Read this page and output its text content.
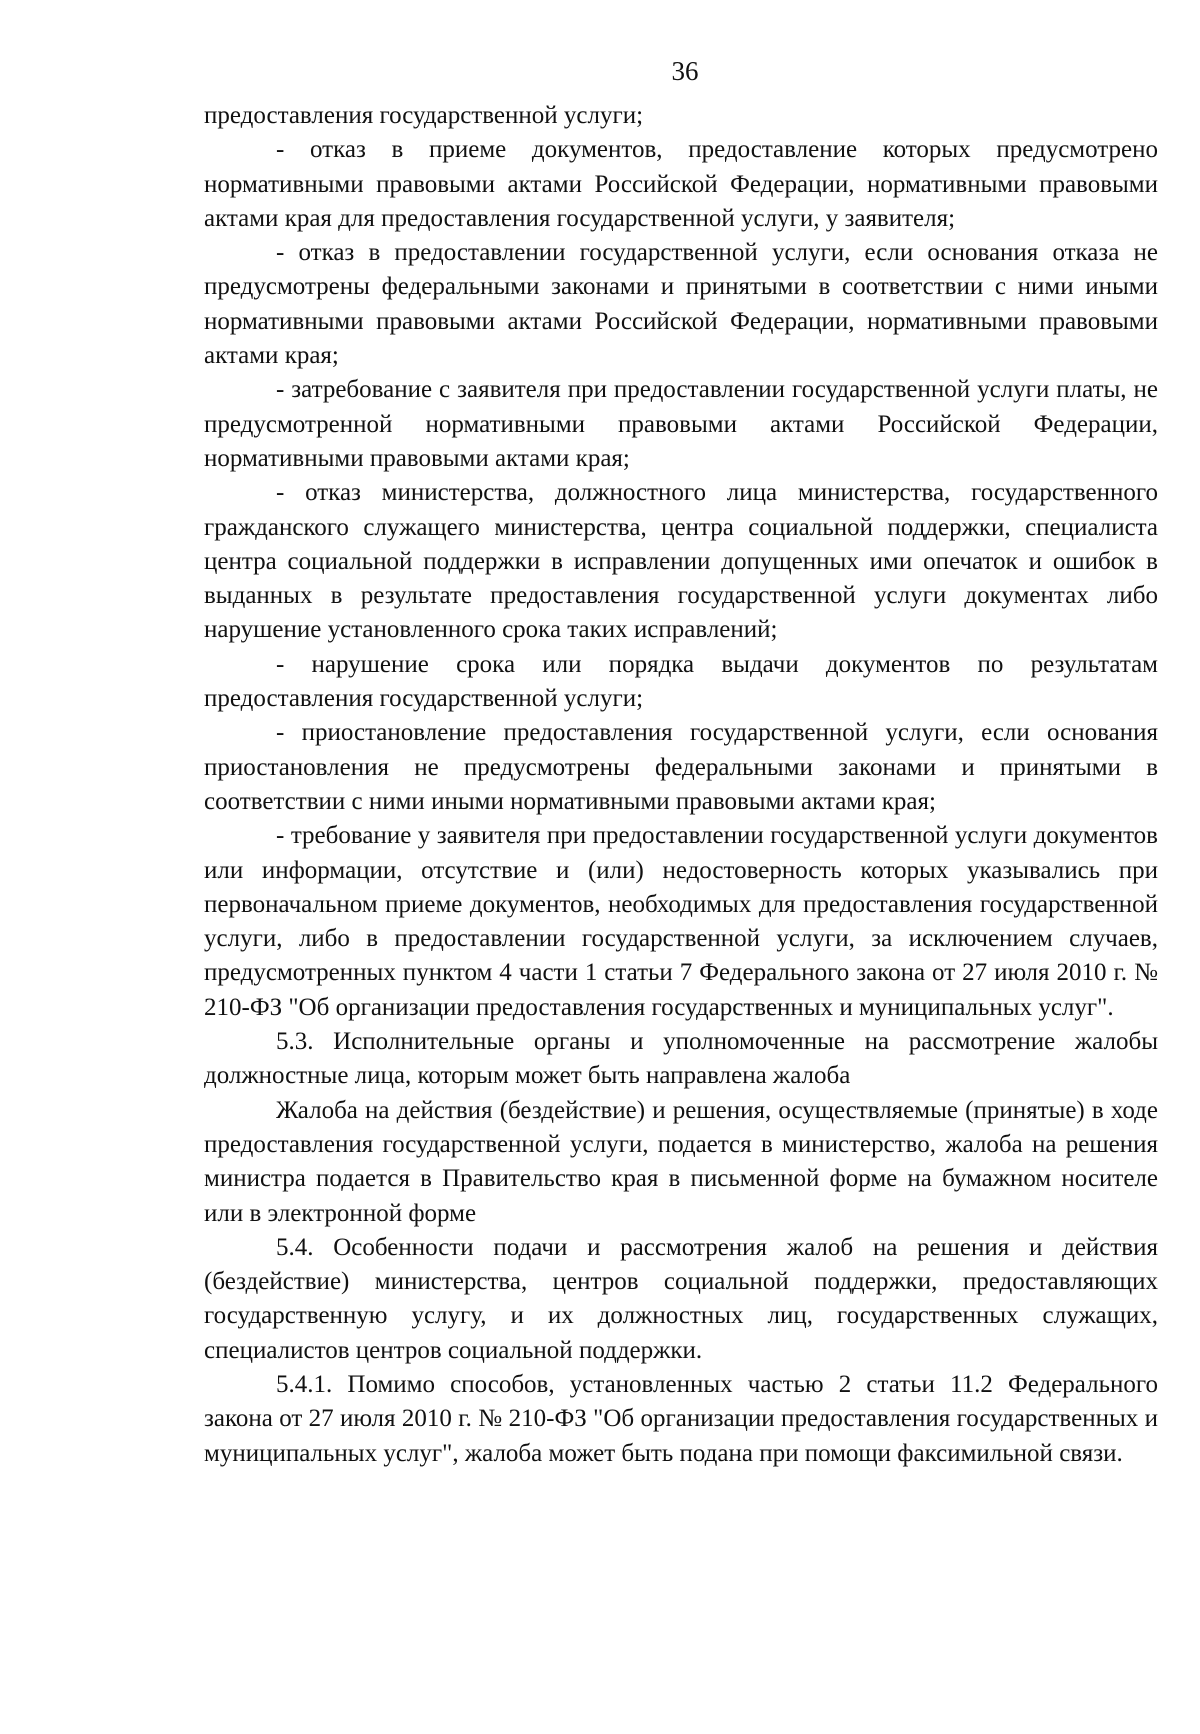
36

предоставления государственной услуги;

- отказ в приеме документов, предоставление которых предусмотрено нормативными правовыми актами Российской Федерации, нормативными правовыми актами края для предоставления государственной услуги, у заявителя;

- отказ в предоставлении государственной услуги, если основания отказа не предусмотрены федеральными законами и принятыми в соответствии с ними иными нормативными правовыми актами Российской Федерации, нормативными правовыми актами края;

- затребование с заявителя при предоставлении государственной услуги платы, не предусмотренной нормативными правовыми актами Российской Федерации, нормативными правовыми актами края;

- отказ министерства, должностного лица министерства, государственного гражданского служащего министерства, центра социальной поддержки, специалиста центра социальной поддержки в исправлении допущенных ими опечаток и ошибок в выданных в результате предоставления государственной услуги документах либо нарушение установленного срока таких исправлений;

- нарушение срока или порядка выдачи документов по результатам предоставления государственной услуги;

- приостановление предоставления государственной услуги, если основания приостановления не предусмотрены федеральными законами и принятыми в соответствии с ними иными нормативными правовыми актами края;

- требование у заявителя при предоставлении государственной услуги документов или информации, отсутствие и (или) недостоверность которых указывались при первоначальном приеме документов, необходимых для предоставления государственной услуги, либо в предоставлении государственной услуги, за исключением случаев, предусмотренных пунктом 4 части 1 статьи 7 Федерального закона от 27 июля 2010 г. № 210-ФЗ "Об организации предоставления государственных и муниципальных услуг".

5.3. Исполнительные органы и уполномоченные на рассмотрение жалобы должностные лица, которым может быть направлена жалоба

Жалоба на действия (бездействие) и решения, осуществляемые (принятые) в ходе предоставления государственной услуги, подается в министерство, жалоба на решения министра подается в Правительство края в письменной форме на бумажном носителе или в электронной форме

5.4. Особенности подачи и рассмотрения жалоб на решения и действия (бездействие) министерства, центров социальной поддержки, предоставляющих государственную услугу, и их должностных лиц, государственных служащих, специалистов центров социальной поддержки.

5.4.1. Помимо способов, установленных частью 2 статьи 11.2 Федерального закона от 27 июля 2010 г. № 210-ФЗ "Об организации предоставления государственных и муниципальных услуг", жалоба может быть подана при помощи факсимильной связи.
